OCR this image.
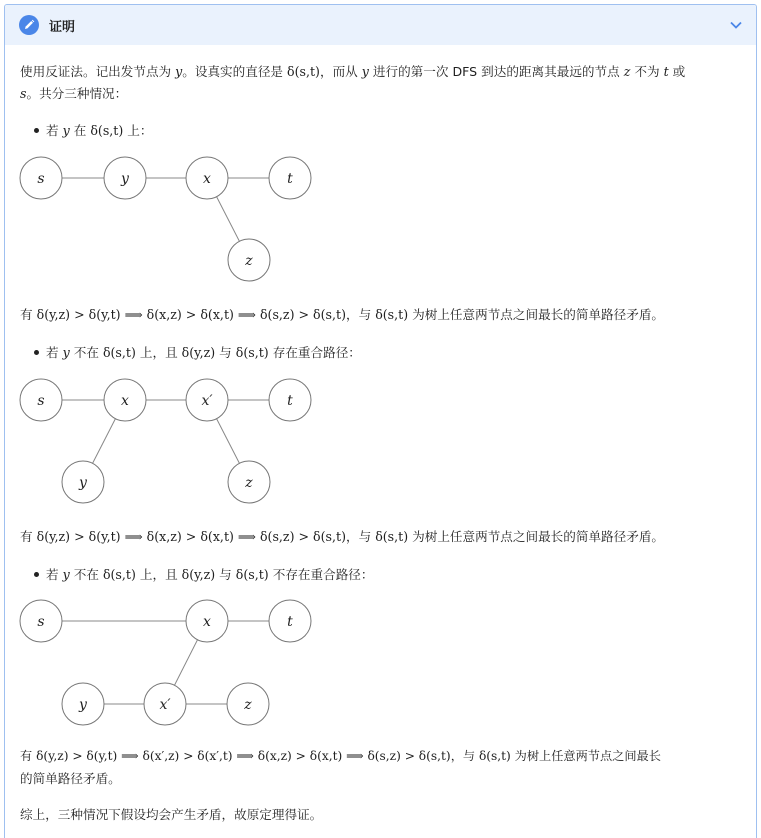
证明
使用反证法。记出发节点为 y。设真实的直径是 δ(s,t)，而从 y 进行的第一次 DFS 到达的距离其最远的节点 z 不为 t 或
s。共分三种情况：
若 y 在 δ(s,t) 上：
s	y	x	t
z
有 δ(y,z) > δ(y,t) ⟹ δ(x,z) > δ(x,t) ⟹ δ(s,z) > δ(s,t)，与 δ(s,t) 为树上任意两节点之间最长的简单路径矛盾。
若 y 不在 δ(s,t) 上，且 δ(y,z) 与 δ(s,t) 存在重合路径：
s	x	x′	t
y	z
有 δ(y,z) > δ(y,t) ⟹ δ(x,z) > δ(x,t) ⟹ δ(s,z) > δ(s,t)，与 δ(s,t) 为树上任意两节点之间最长的简单路径矛盾。
若 y 不在 δ(s,t) 上，且 δ(y,z) 与 δ(s,t) 不存在重合路径：
s	x	t
y	x′	z
有 δ(y,z) > δ(y,t) ⟹ δ(x′,z) > δ(x′,t) ⟹ δ(x,z) > δ(x,t) ⟹ δ(s,z) > δ(s,t)，与 δ(s,t) 为树上任意两节点之间最长
的简单路径矛盾。
综上，三种情况下假设均会产生矛盾，故原定理得证。
